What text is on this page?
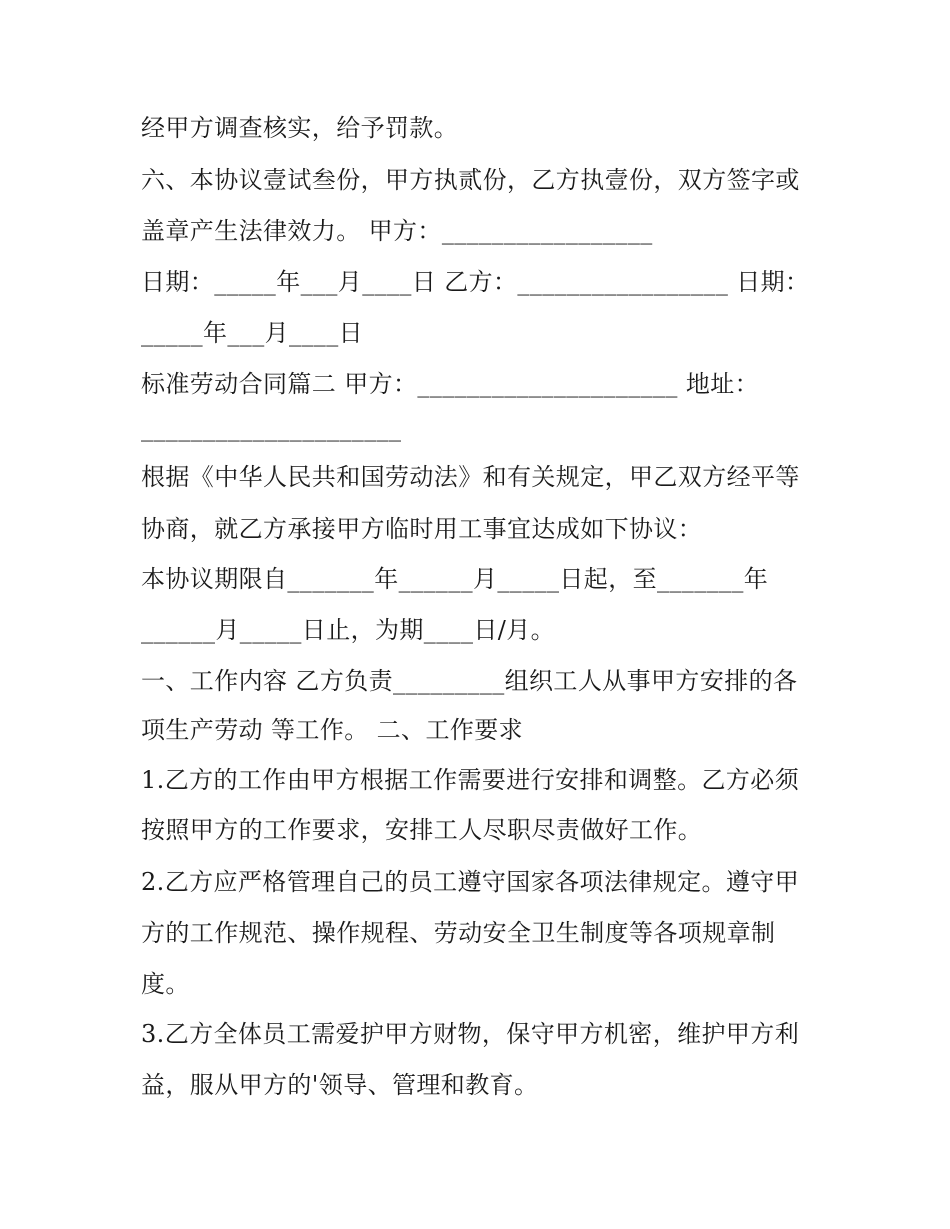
经甲方调查核实，给予罚款。
六、本协议壹试叁份，甲方执贰份，乙方执壹份，双方签字或
盖章产生法律效力。 甲方：_________________
日期：_____年___月____日 乙方：_________________ 日期：
_____年___月____日
标准劳动合同篇二 甲方：_____________________ 地址：
_____________________
根据《中华人民共和国劳动法》和有关规定，甲乙双方经平等
协商，就乙方承接甲方临时用工事宜达成如下协议：
本协议期限自_______年______月_____日起，至_______年
______月_____日止，为期____日/月。
一、工作内容 乙方负责_________组织工人从事甲方安排的各
项生产劳动 等工作。 二、工作要求
1.乙方的工作由甲方根据工作需要进行安排和调整。乙方必须
按照甲方的工作要求，安排工人尽职尽责做好工作。
2.乙方应严格管理自己的员工遵守国家各项法律规定。遵守甲
方的工作规范、操作规程、劳动安全卫生制度等各项规章制
度。
3.乙方全体员工需爱护甲方财物，保守甲方机密，维护甲方利
益，服从甲方的'领导、管理和教育。
